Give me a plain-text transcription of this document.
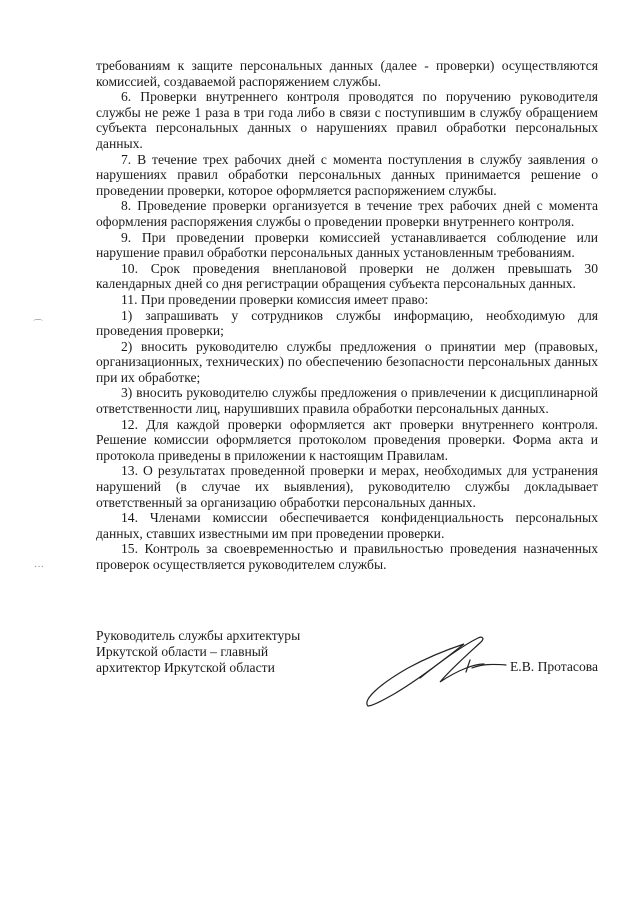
⌒
···

требованиям к защите персональных данных (далее - проверки) осуществляются комиссией, создаваемой распоряжением службы.

6. Проверки внутреннего контроля проводятся по поручению руководителя службы не реже 1 раза в три года либо в связи с поступившим в службу обращением субъекта персональных данных о нарушениях правил обработки персональных данных.

7. В течение трех рабочих дней с момента поступления в службу заявления о нарушениях правил обработки персональных данных принимается решение о проведении проверки, которое оформляется распоряжением службы.

8. Проведение проверки организуется в течение трех рабочих дней с момента оформления распоряжения службы о проведении проверки внутреннего контроля.

9. При проведении проверки комиссией устанавливается соблюдение или нарушение правил обработки персональных данных установленным требованиям.

10. Срок проведения внеплановой проверки не должен превышать 30 календарных дней со дня регистрации обращения субъекта персональных данных.

11. При проведении проверки комиссия имеет право:

1) запрашивать у сотрудников службы информацию, необходимую для проведения проверки;

2) вносить руководителю службы предложения о принятии мер (правовых, организационных, технических) по обеспечению безопасности персональных данных при их обработке;

3) вносить руководителю службы предложения о привлечении к дисциплинарной ответственности лиц, нарушивших правила обработки персональных данных.

12. Для каждой проверки оформляется акт проверки внутреннего контроля. Решение комиссии оформляется протоколом проведения проверки. Форма акта и протокола приведены в приложении к настоящим Правилам.

13. О результатах проведенной проверки и мерах, необходимых для устранения нарушений (в случае их выявления), руководителю службы докладывает ответственный за организацию обработки персональных данных.

14. Членами комиссии обеспечивается конфиденциальность персональных данных, ставших известными им при проведении проверки.

15. Контроль за своевременностью и правильностью проведения назначенных проверок осуществляется руководителем службы.

Руководитель службы архитектуры
Иркутской области – главный
архитектор Иркутской области	Е.В. Протасова
